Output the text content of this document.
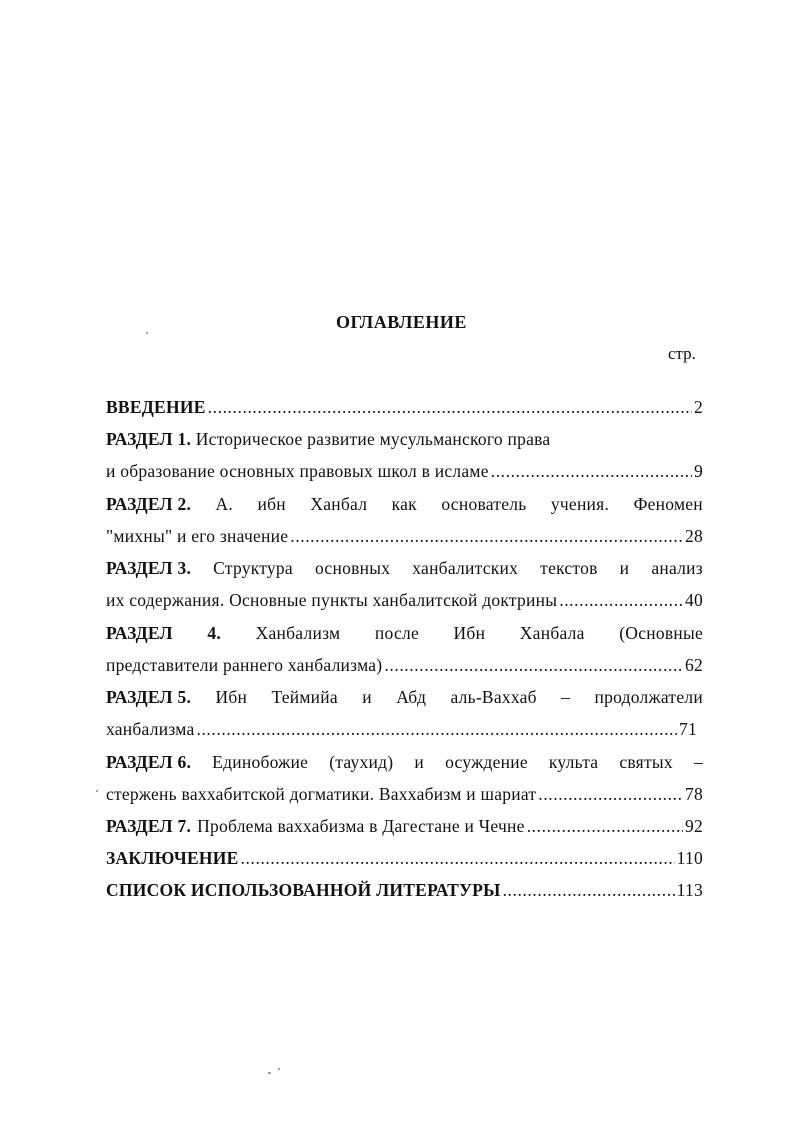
ОГЛАВЛЕНИЕ
стр.
ВВЕДЕНИЕ .....	2
РАЗДЕЛ 1. Историческое развитие мусульманского права
и образование основных правовых школ в исламе .....	9
РАЗДЕЛ 2. А. ибн Ханбал как основатель учения. Феномен
"михны" и его значение .....	28
РАЗДЕЛ 3. Структура основных ханбалитских текстов и анализ
их содержания. Основные пункты ханбалитской доктрины .....	40
РАЗДЕЛ 4. Ханбализм после Ибн Ханбала (Основные
представители раннего ханбализма) .....	62
РАЗДЕЛ 5. Ибн Теймийа и Абд аль-Ваххаб – продолжатели
ханбализма .....	71
РАЗДЕЛ 6. Единобожие (таухид) и осуждение культа святых –
стержень ваххабитской догматики. Ваххабизм и шариат .....	78
РАЗДЕЛ 7. Проблема ваххабизма в Дагестане и Чечне .....	92
ЗАКЛЮЧЕНИЕ .....	110
СПИСОК ИСПОЛЬЗОВАННОЙ ЛИТЕРАТУРЫ .....	113
